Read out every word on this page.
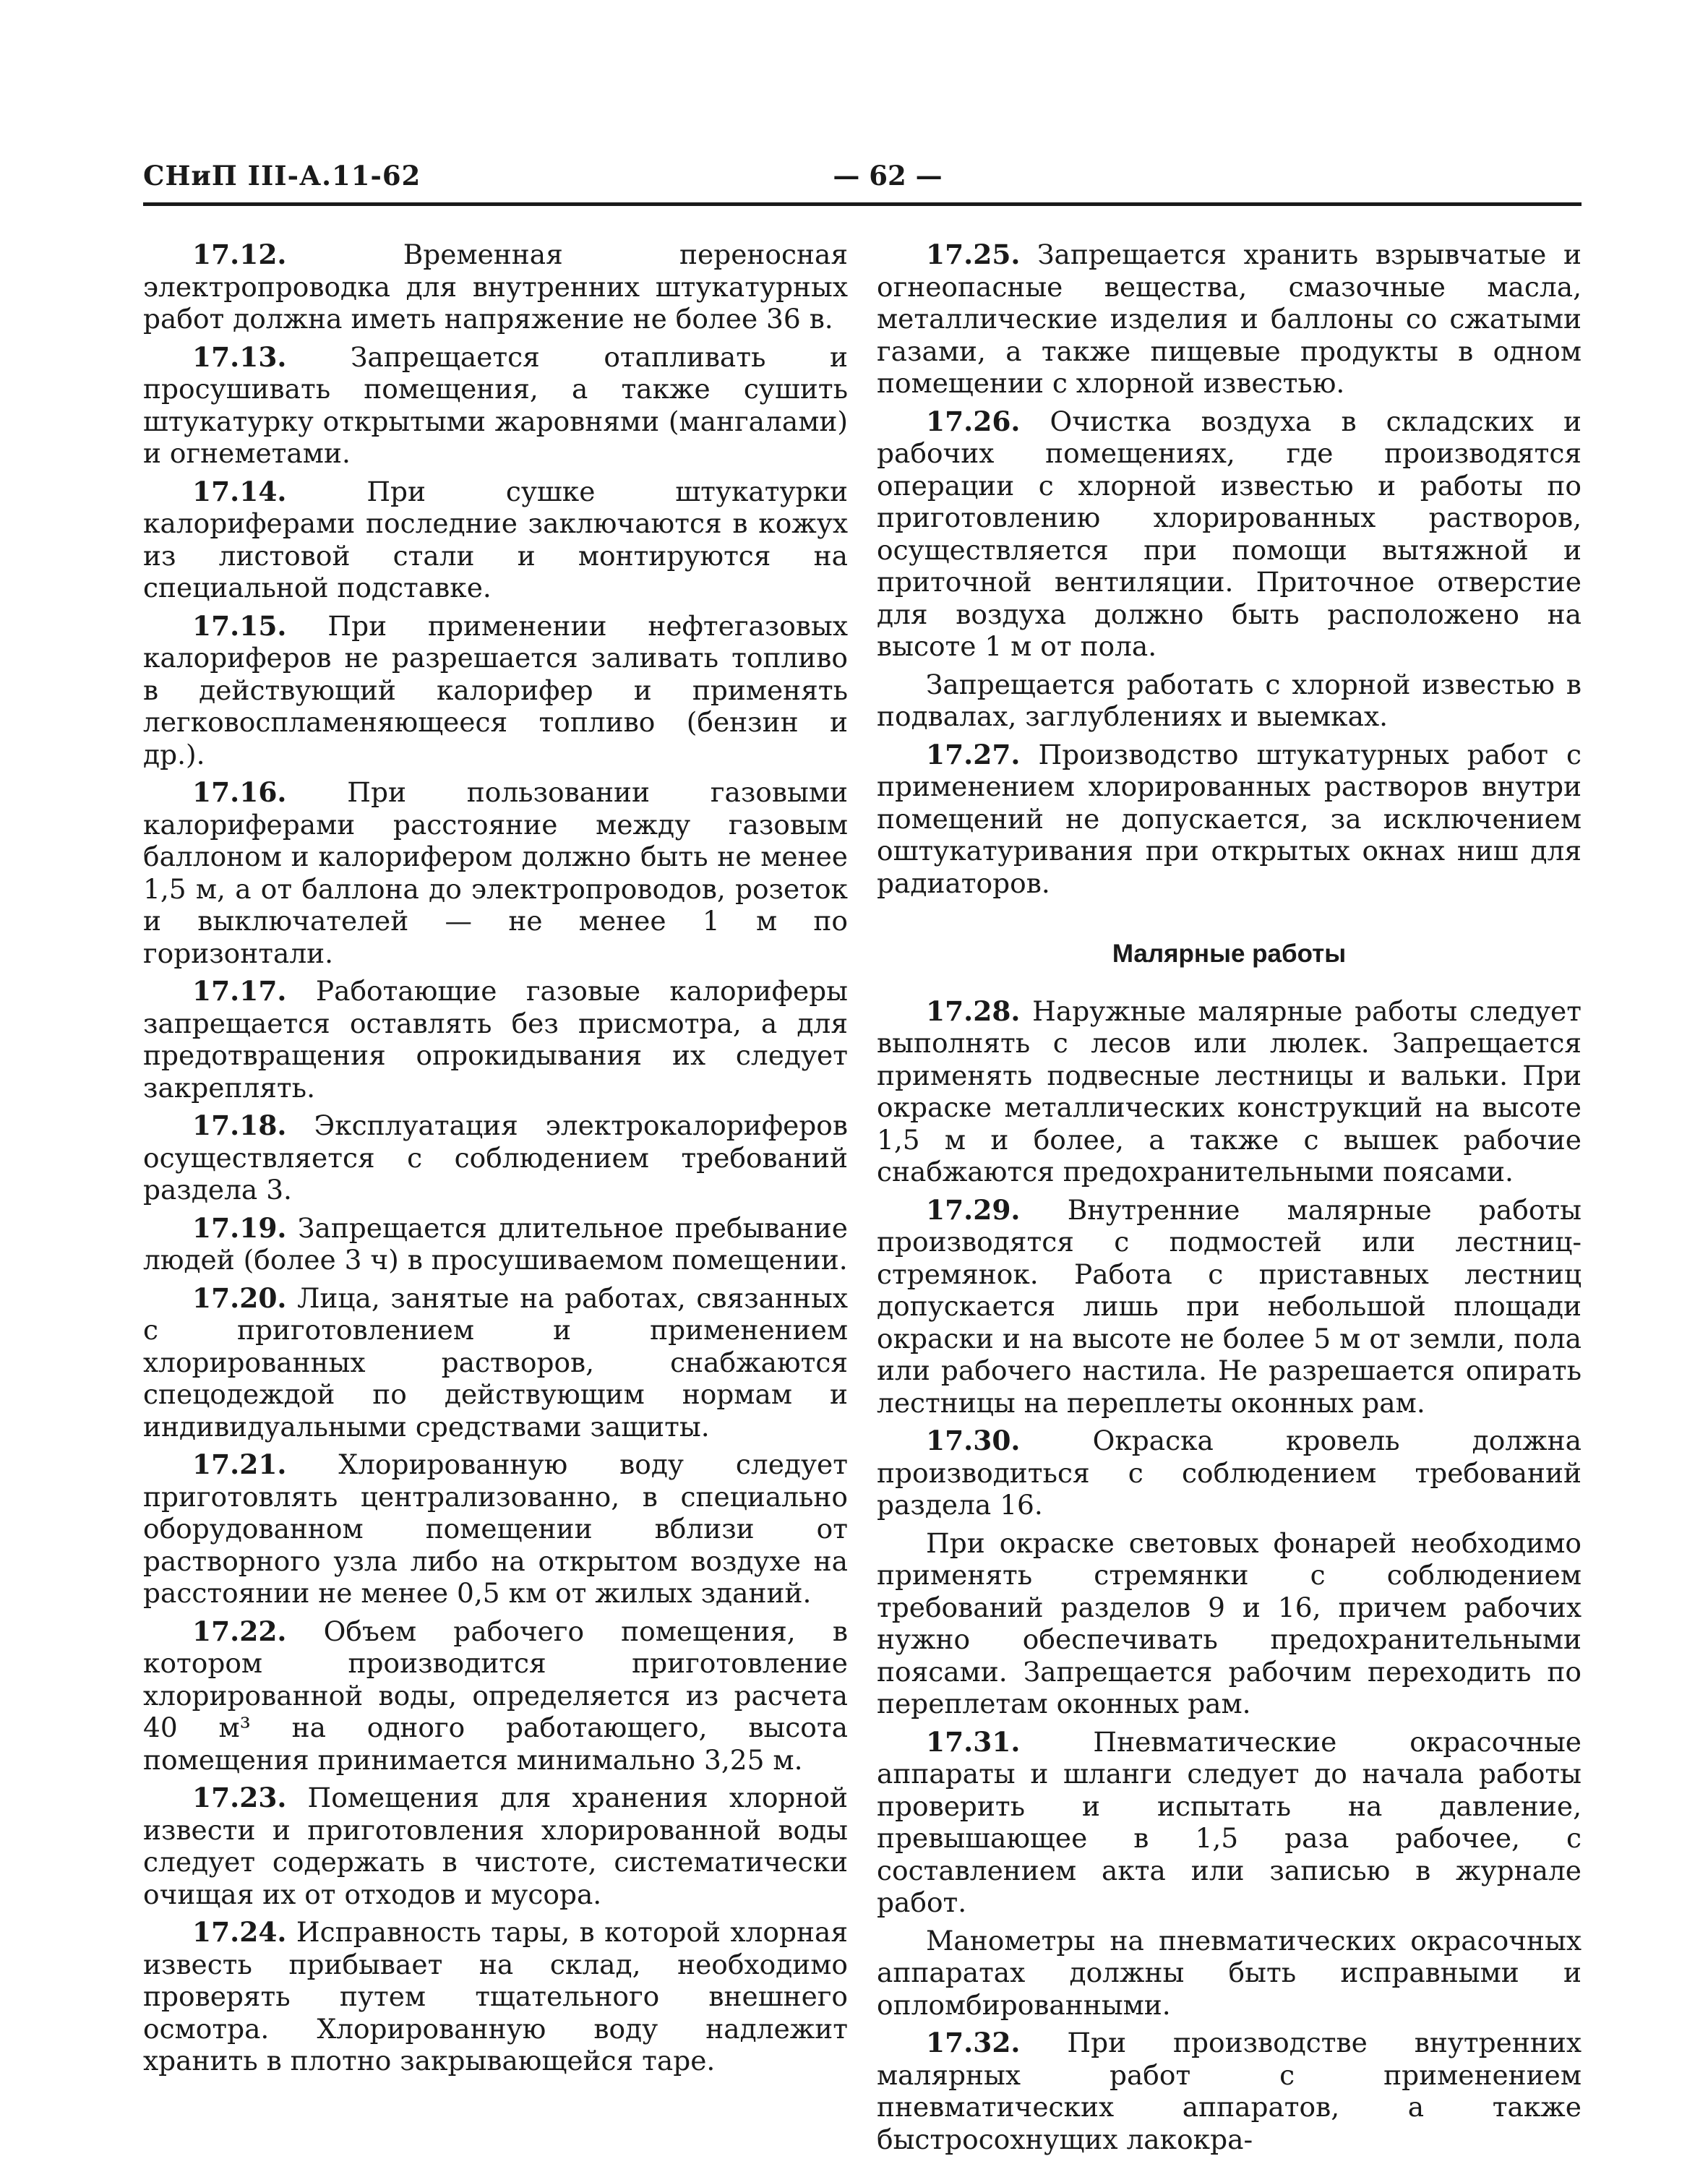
СНиП III-А.11-62	— 62 —

17.12. Временная переносная электропроводка для внутренних штукатурных работ должна иметь напряжение не более 36 в.

17.13. Запрещается отапливать и просушивать помещения, а также сушить штукатурку открытыми жаровнями (мангалами) и огнеметами.

17.14. При сушке штукатурки калориферами последние заключаются в кожух из листовой стали и монтируются на специальной подставке.

17.15. При применении нефтегазовых калориферов не разрешается заливать топливо в действующий калорифер и применять легковоспламеняющееся топливо (бензин и др.).

17.16. При пользовании газовыми калориферами расстояние между газовым баллоном и калорифером должно быть не менее 1,5 м, а от баллона до электропроводов, розеток и выключателей — не менее 1 м по горизонтали.

17.17. Работающие газовые калориферы запрещается оставлять без присмотра, а для предотвращения опрокидывания их следует закреплять.

17.18. Эксплуатация электрокалориферов осуществляется с соблюдением требований раздела 3.

17.19. Запрещается длительное пребывание людей (более 3 ч) в просушиваемом помещении.

17.20. Лица, занятые на работах, связанных с приготовлением и применением хлорированных растворов, снабжаются спецодеждой по действующим нормам и индивидуальными средствами защиты.

17.21. Хлорированную воду следует приготовлять централизованно, в специально оборудованном помещении вблизи от растворного узла либо на открытом воздухе на расстоянии не менее 0,5 км от жилых зданий.

17.22. Объем рабочего помещения, в котором производится приготовление хлорированной воды, определяется из расчета 40 м³ на одного работающего, высота помещения принимается минимально 3,25 м.

17.23. Помещения для хранения хлорной извести и приготовления хлорированной воды следует содержать в чистоте, систематически очищая их от отходов и мусора.

17.24. Исправность тары, в которой хлорная известь прибывает на склад, необходимо проверять путем тщательного внешнего осмотра. Хлорированную воду надлежит хранить в плотно закрывающейся таре.

17.25. Запрещается хранить взрывчатые и огнеопасные вещества, смазочные масла, металлические изделия и баллоны со сжатыми газами, а также пищевые продукты в одном помещении с хлорной известью.

17.26. Очистка воздуха в складских и рабочих помещениях, где производятся операции с хлорной известью и работы по приготовлению хлорированных растворов, осуществляется при помощи вытяжной и приточной вентиляции. Приточное отверстие для воздуха должно быть расположено на высоте 1 м от пола.

Запрещается работать с хлорной известью в подвалах, заглублениях и выемках.

17.27. Производство штукатурных работ с применением хлорированных растворов внутри помещений не допускается, за исключением оштукатуривания при открытых окнах ниш для радиаторов.

Малярные работы

17.28. Наружные малярные работы следует выполнять с лесов или люлек. Запрещается применять подвесные лестницы и вальки. При окраске металлических конструкций на высоте 1,5 м и более, а также с вышек рабочие снабжаются предохранительными поясами.

17.29. Внутренние малярные работы производятся с подмостей или лестниц-стремянок. Работа с приставных лестниц допускается лишь при небольшой площади окраски и на высоте не более 5 м от земли, пола или рабочего настила. Не разрешается опирать лестницы на переплеты оконных рам.

17.30. Окраска кровель должна производиться с соблюдением требований раздела 16.

При окраске световых фонарей необходимо применять стремянки с соблюдением требований разделов 9 и 16, причем рабочих нужно обеспечивать предохранительными поясами. Запрещается рабочим переходить по переплетам оконных рам.

17.31. Пневматические окрасочные аппараты и шланги следует до начала работы проверить и испытать на давление, превышающее в 1,5 раза рабочее, с составлением акта или записью в журнале работ.

Манометры на пневматических окрасочных аппаратах должны быть исправными и опломбированными.

17.32. При производстве внутренних малярных работ с применением пневматических аппаратов, а также быстросохнущих лакокра-
